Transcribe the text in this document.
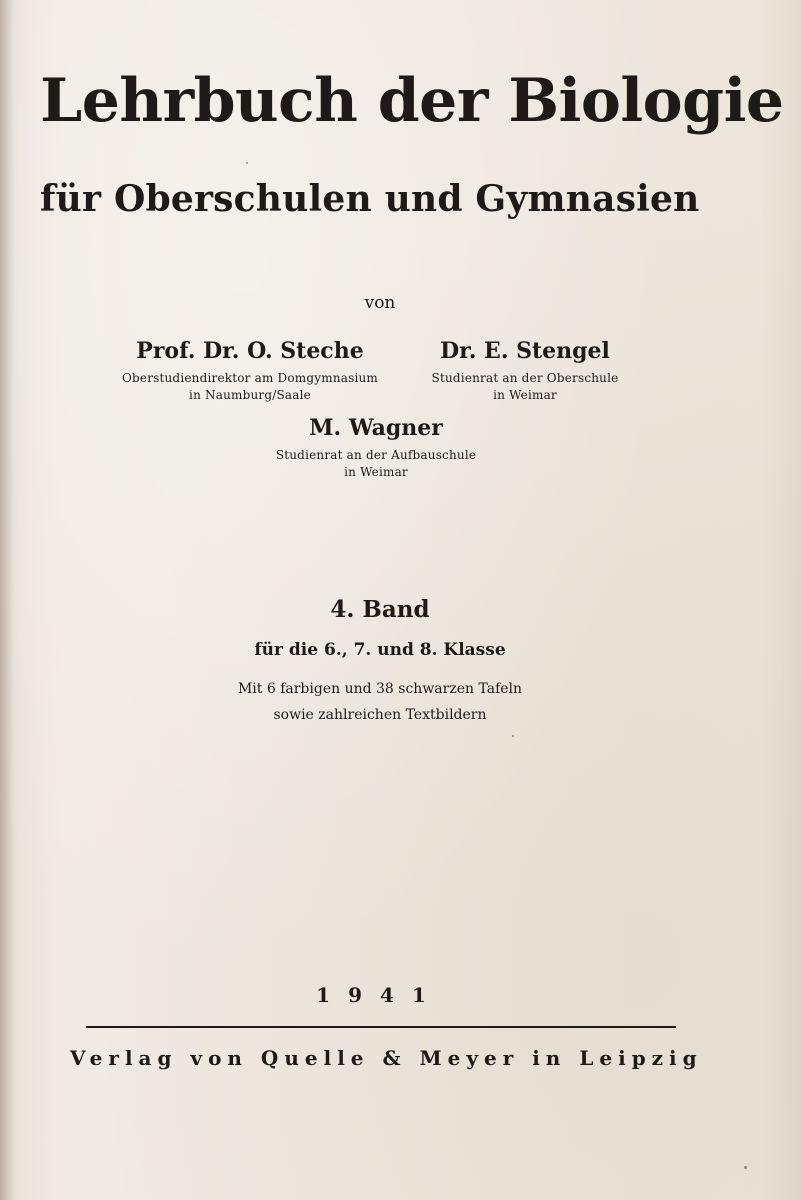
Lehrbuch der Biologie
für Oberschulen und Gymnasien
von
Prof. Dr. O. Steche
Oberstudiendirektor am Domgymnasium
in Naumburg/Saale
Dr. E. Stengel
Studienrat an der Oberschule
in Weimar
M. Wagner
Studienrat an der Aufbauschule
in Weimar
4. Band
für die 6., 7. und 8. Klasse
Mit 6 farbigen und 38 schwarzen Tafeln
sowie zahlreichen Textbildern
1941
Verlag von Quelle & Meyer in Leipzig
